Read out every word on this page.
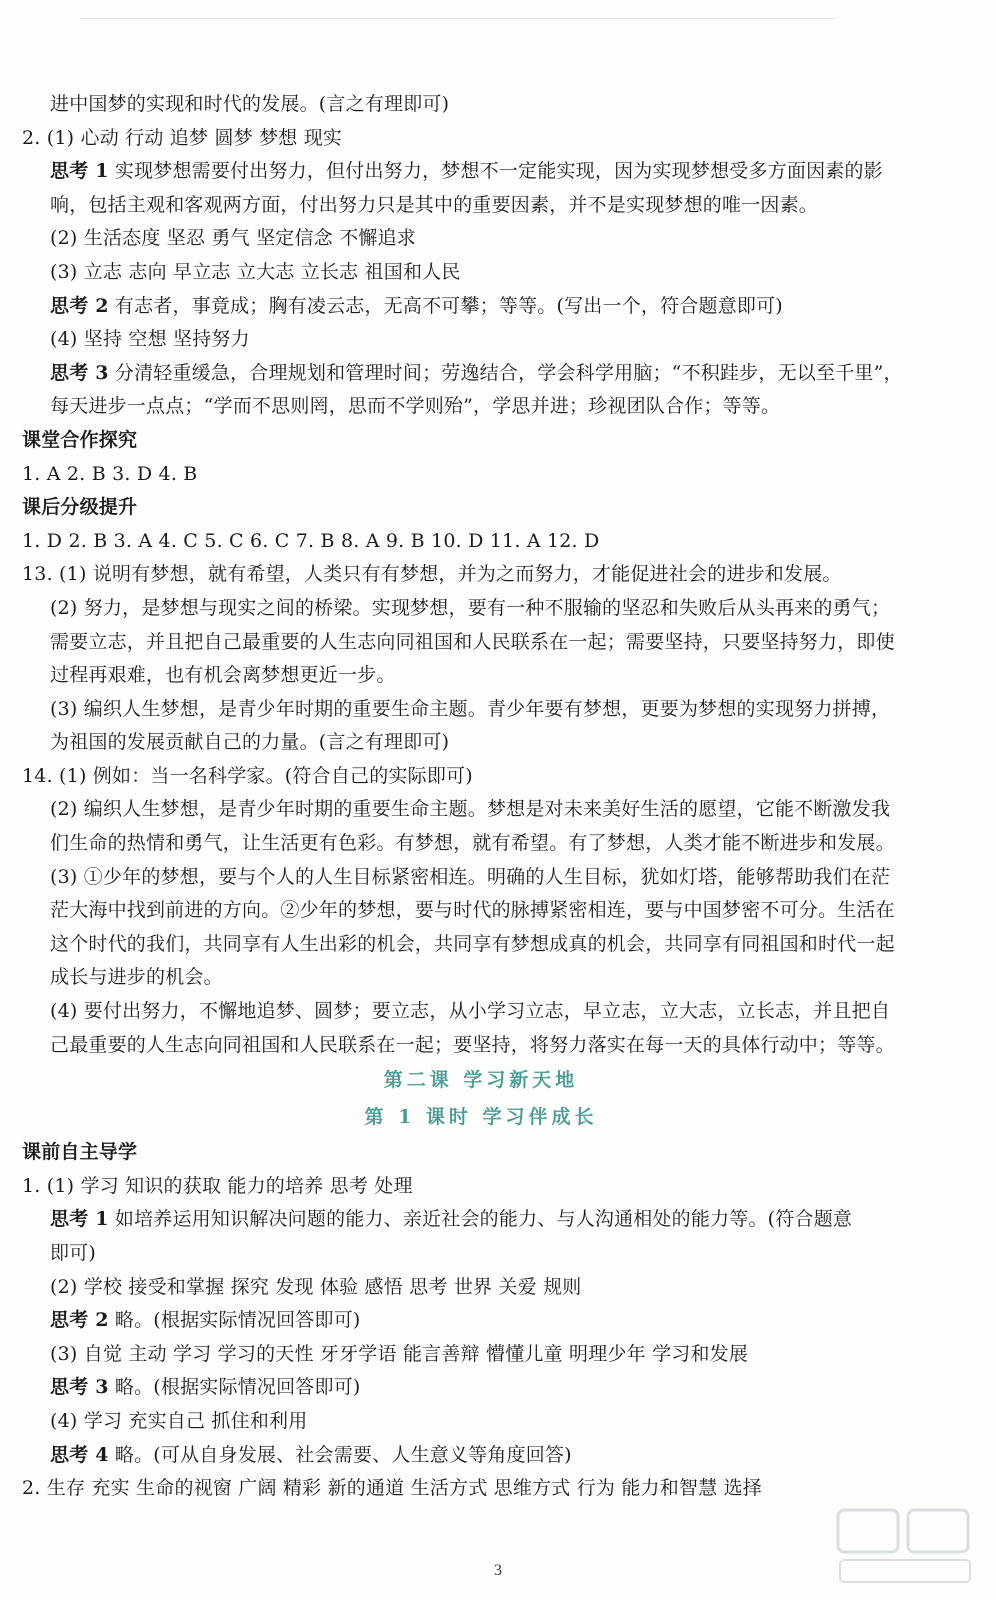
进中国梦的实现和时代的发展。(言之有理即可)
2. (1) 心动 行动 追梦 圆梦 梦想 现实
思考 1 实现梦想需要付出努力，但付出努力，梦想不一定能实现，因为实现梦想受多方面因素的影
响，包括主观和客观两方面，付出努力只是其中的重要因素，并不是实现梦想的唯一因素。
(2) 生活态度 坚忍 勇气 坚定信念 不懈追求
(3) 立志 志向 早立志 立大志 立长志 祖国和人民
思考 2 有志者，事竟成；胸有凌云志，无高不可攀；等等。(写出一个，符合题意即可)
(4) 坚持 空想 坚持努力
思考 3 分清轻重缓急，合理规划和管理时间；劳逸结合，学会科学用脑；“不积跬步，无以至千里”，
每天进步一点点；“学而不思则罔，思而不学则殆”，学思并进；珍视团队合作；等等。
课堂合作探究
1. A 2. B 3. D 4. B
课后分级提升
1. D 2. B 3. A 4. C 5. C 6. C 7. B 8. A 9. B 10. D 11. A 12. D
13. (1) 说明有梦想，就有希望，人类只有有梦想，并为之而努力，才能促进社会的进步和发展。
(2) 努力，是梦想与现实之间的桥梁。实现梦想，要有一种不服输的坚忍和失败后从头再来的勇气；
需要立志，并且把自己最重要的人生志向同祖国和人民联系在一起；需要坚持，只要坚持努力，即使
过程再艰难，也有机会离梦想更近一步。
(3) 编织人生梦想，是青少年时期的重要生命主题。青少年要有梦想，更要为梦想的实现努力拼搏，
为祖国的发展贡献自己的力量。(言之有理即可)
14. (1) 例如：当一名科学家。(符合自己的实际即可)
(2) 编织人生梦想，是青少年时期的重要生命主题。梦想是对未来美好生活的愿望，它能不断激发我
们生命的热情和勇气，让生活更有色彩。有梦想，就有希望。有了梦想，人类才能不断进步和发展。
(3) ①少年的梦想，要与个人的人生目标紧密相连。明确的人生目标，犹如灯塔，能够帮助我们在茫
茫大海中找到前进的方向。②少年的梦想，要与时代的脉搏紧密相连，要与中国梦密不可分。生活在
这个时代的我们，共同享有人生出彩的机会，共同享有梦想成真的机会，共同享有同祖国和时代一起
成长与进步的机会。
(4) 要付出努力，不懈地追梦、圆梦；要立志，从小学习立志，早立志，立大志，立长志，并且把自
己最重要的人生志向同祖国和人民联系在一起；要坚持，将努力落实在每一天的具体行动中；等等。
第二课 学习新天地
第 1 课时 学习伴成长
课前自主导学
1. (1) 学习 知识的获取 能力的培养 思考 处理
思考 1 如培养运用知识解决问题的能力、亲近社会的能力、与人沟通相处的能力等。(符合题意
即可)
(2) 学校 接受和掌握 探究 发现 体验 感悟 思考 世界 关爱 规则
思考 2 略。(根据实际情况回答即可)
(3) 自觉 主动 学习 学习的天性 牙牙学语 能言善辩 懵懂儿童 明理少年 学习和发展
思考 3 略。(根据实际情况回答即可)
(4) 学习 充实自己 抓住和利用
思考 4 略。(可从自身发展、社会需要、人生意义等角度回答)
2. 生存 充实 生命的视窗 广阔 精彩 新的通道 生活方式 思维方式 行为 能力和智慧 选择
3
